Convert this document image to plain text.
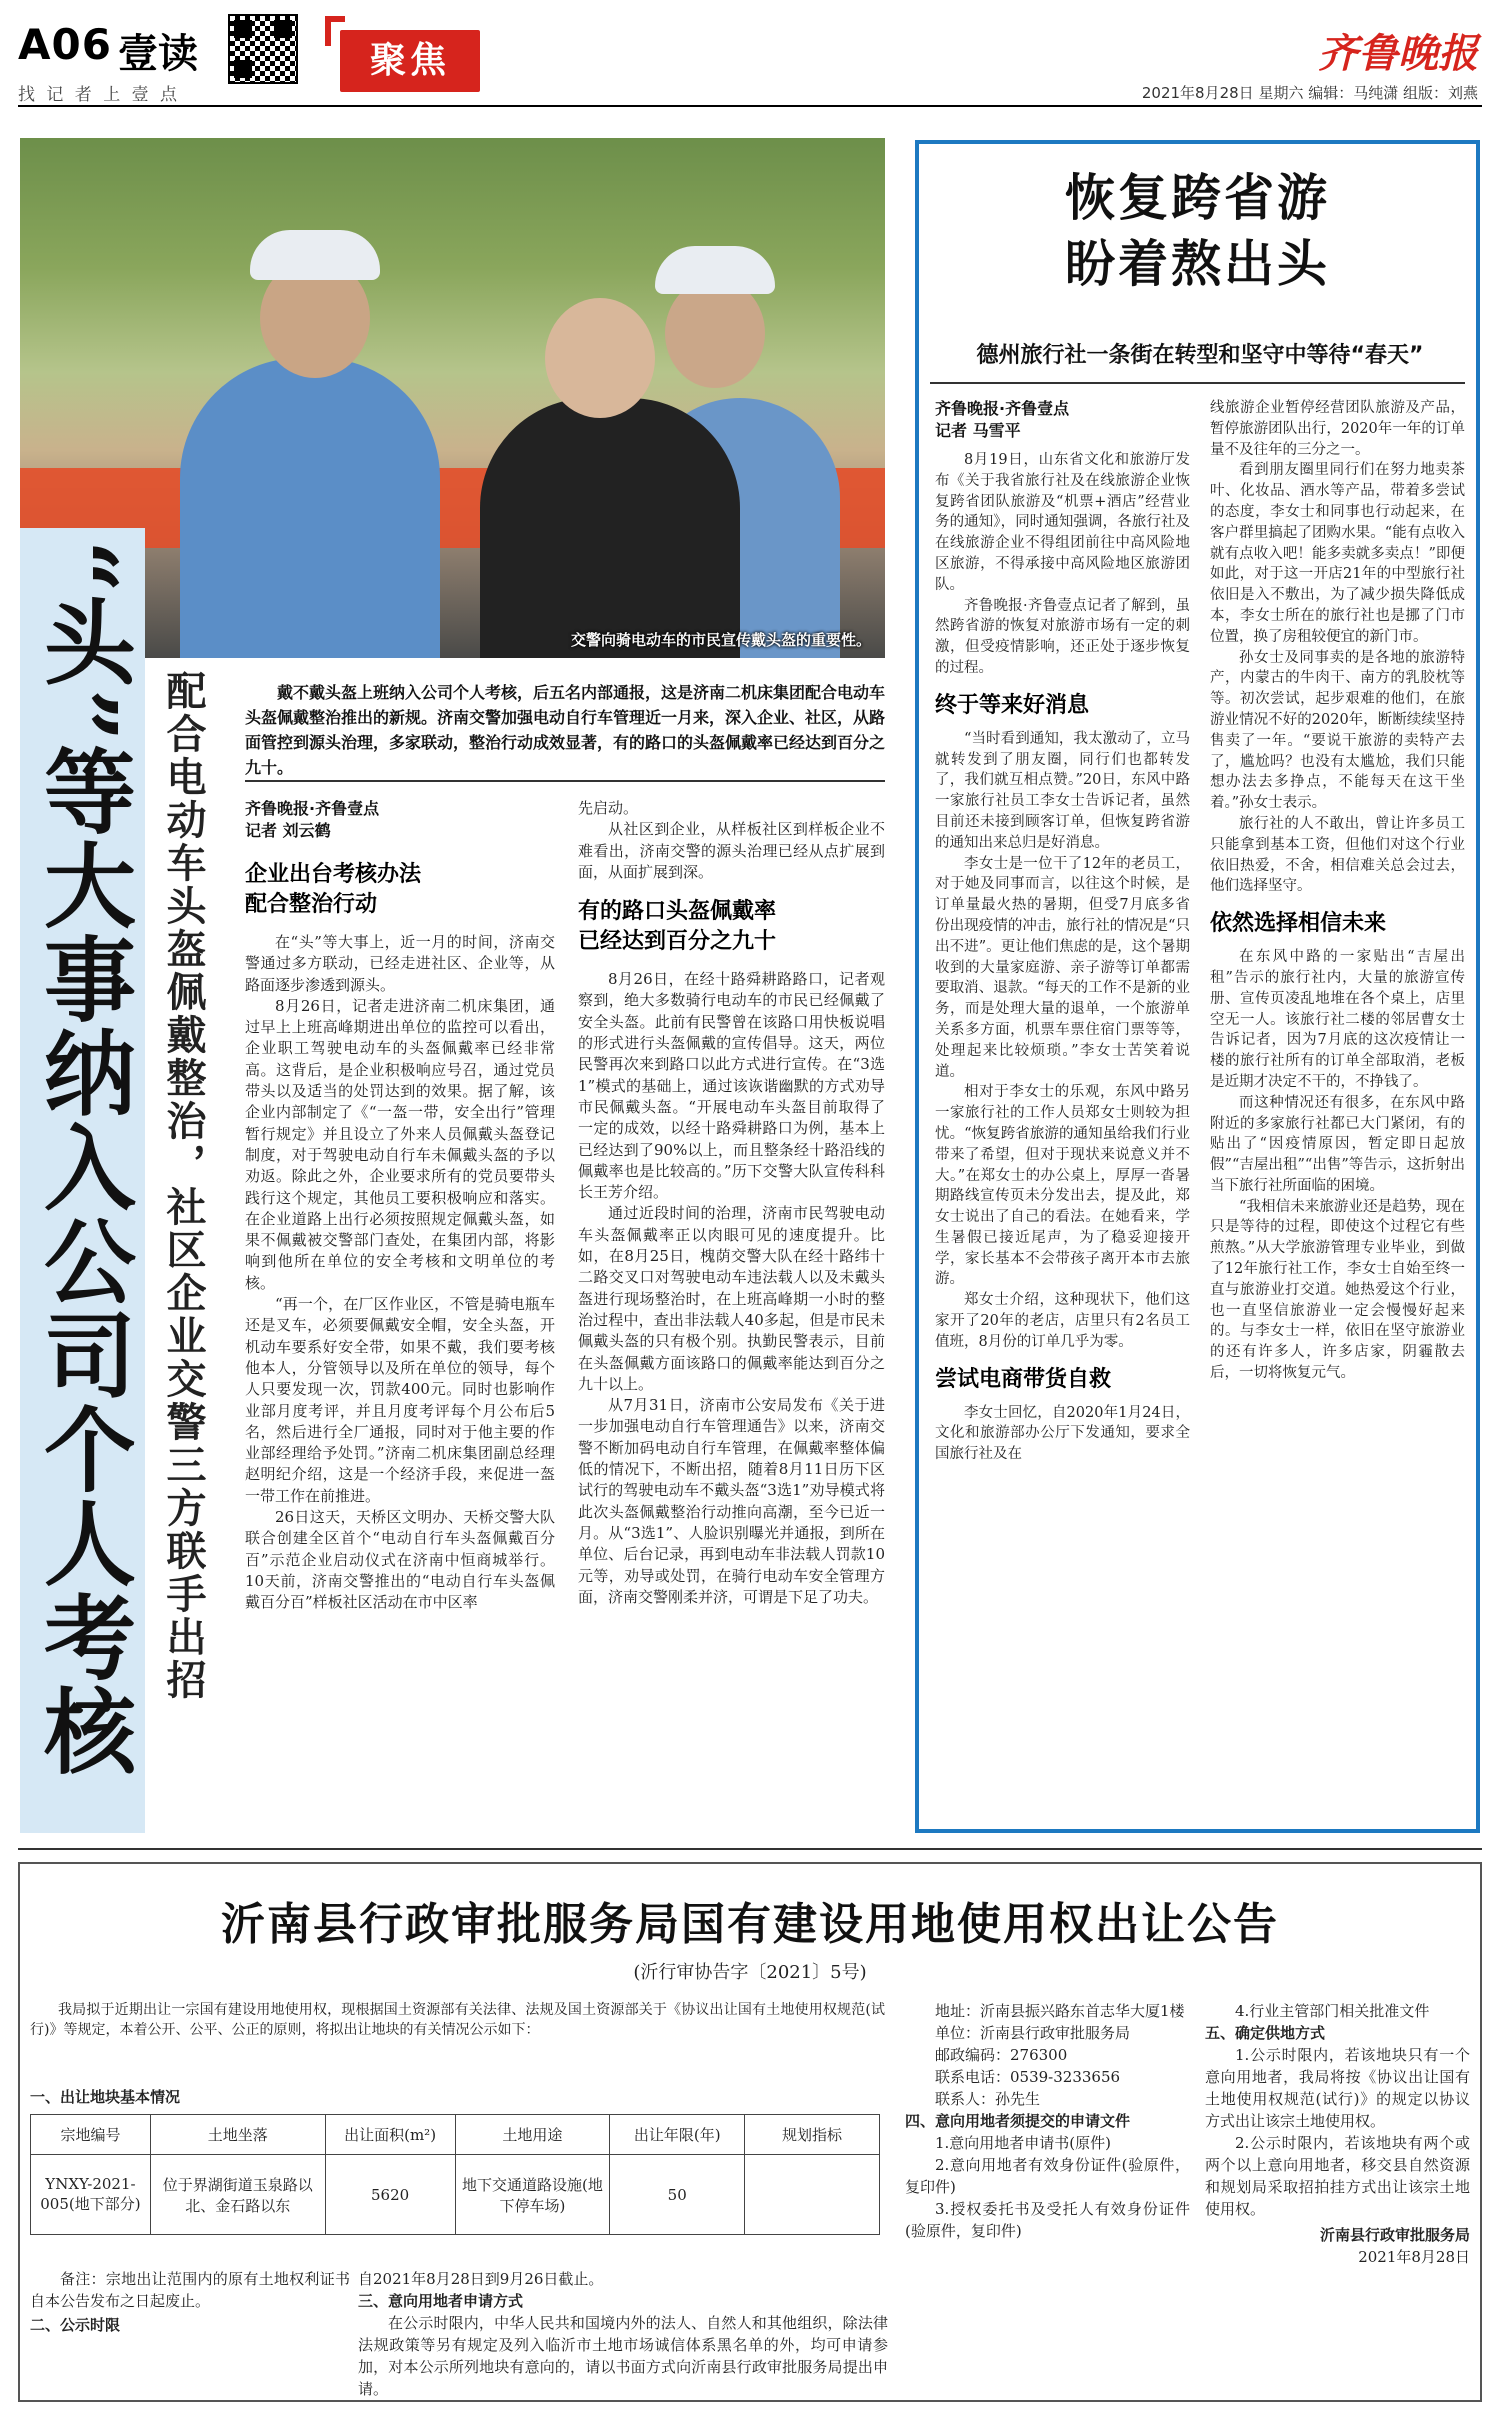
A06 壹读
找 记 者 上 壹 点
聚焦	齐鲁晚报
2021年8月28日 星期六 编辑：马纯潇 组版：刘燕
交警向骑电动车的市民宣传戴头盔的重要性。
“头”等大事纳入公司个人考核 配合电动车头盔佩戴整治，社区企业交警三方联手出招	戴不戴头盔上班纳入公司个人考核，后五名内部通报，这是济南二机床集团配合电动车头盔佩戴整治推出的新规。济南交警加强电动自行车管理近一月来，深入企业、社区，从路面管控到源头治理，多家联动，整治行动成效显著，有的路口的头盔佩戴率已经达到百分之九十。
齐鲁晚报·齐鲁壹点
记者 刘云鹤
企业出台考核办法
配合整治行动

在“头”等大事上，近一月的时间，济南交警通过多方联动，已经走进社区、企业等，从路面逐步渗透到源头。

8月26日，记者走进济南二机床集团，通过早上上班高峰期进出单位的监控可以看出，企业职工驾驶电动车的头盔佩戴率已经非常高。这背后，是企业积极响应号召，通过党员带头以及适当的处罚达到的效果。据了解，该企业内部制定了《“一盔一带，安全出行”管理暂行规定》并且设立了外来人员佩戴头盔登记制度，对于驾驶电动自行车未佩戴头盔的予以劝返。除此之外，企业要求所有的党员要带头践行这个规定，其他员工要积极响应和落实。在企业道路上出行必须按照规定佩戴头盔，如果不佩戴被交警部门查处，在集团内部，将影响到他所在单位的安全考核和文明单位的考核。

“再一个，在厂区作业区，不管是骑电瓶车还是叉车，必须要佩戴安全帽，安全头盔，开机动车要系好安全带，如果不戴，我们要考核他本人，分管领导以及所在单位的领导，每个人只要发现一次，罚款400元。同时也影响作业部月度考评，并且月度考评每个月公布后5名，然后进行全厂通报，同时对于他主要的作业部经理给予处罚。”济南二机床集团副总经理赵明纪介绍，这是一个经济手段，来促进一盔一带工作在前推进。

26日这天，天桥区文明办、天桥交警大队联合创建全区首个“电动自行车头盔佩戴百分百”示范企业启动仪式在济南中恒商城举行。10天前，济南交警推出的“电动自行车头盔佩戴百分百”样板社区活动在市中区率

先启动。

从社区到企业，从样板社区到样板企业不难看出，济南交警的源头治理已经从点扩展到面，从面扩展到深。

有的路口头盔佩戴率
已经达到百分之九十

8月26日，在经十路舜耕路路口，记者观察到，绝大多数骑行电动车的市民已经佩戴了安全头盔。此前有民警曾在该路口用快板说唱的形式进行头盔佩戴的宣传倡导。这天，两位民警再次来到路口以此方式进行宣传。在“3选1”模式的基础上，通过该诙谐幽默的方式劝导市民佩戴头盔。“开展电动车头盔目前取得了一定的成效，以经十路舜耕路口为例，基本上已经达到了90%以上，而且整条经十路沿线的佩戴率也是比较高的。”历下交警大队宣传科科长王芳介绍。

通过近段时间的治理，济南市民驾驶电动车头盔佩戴率正以肉眼可见的速度提升。比如，在8月25日，槐荫交警大队在经十路纬十二路交叉口对驾驶电动车违法载人以及未戴头盔进行现场整治时，在上班高峰期一小时的整治过程中，查出非法载人40多起，但是市民未佩戴头盔的只有极个别。执勤民警表示，目前在头盔佩戴方面该路口的佩戴率能达到百分之九十以上。

从7月31日，济南市公安局发布《关于进一步加强电动自行车管理通告》以来，济南交警不断加码电动自行车管理，在佩戴率整体偏低的情况下，不断出招，随着8月11日历下区试行的驾驶电动车不戴头盔“3选1”劝导模式将此次头盔佩戴整治行动推向高潮，至今已近一月。从“3选1”、人脸识别曝光并通报，到所在单位、后台记录，再到电动车非法载人罚款10元等，劝导或处罚，在骑行电动车安全管理方面，济南交警刚柔并济，可谓是下足了功夫。

恢复跨省游
盼着熬出头
德州旅行社一条街在转型和坚守中等待“春天”
齐鲁晚报·齐鲁壹点
记者 马雪平

8月19日，山东省文化和旅游厅发布《关于我省旅行社及在线旅游企业恢复跨省团队旅游及“机票+酒店”经营业务的通知》，同时通知强调，各旅行社及在线旅游企业不得组团前往中高风险地区旅游，不得承接中高风险地区旅游团队。

齐鲁晚报·齐鲁壹点记者了解到，虽然跨省游的恢复对旅游市场有一定的刺激，但受疫情影响，还正处于逐步恢复的过程。

终于等来好消息

“当时看到通知，我太激动了，立马就转发到了朋友圈，同行们也都转发了，我们就互相点赞。”20日，东风中路一家旅行社员工李女士告诉记者，虽然目前还未接到顾客订单，但恢复跨省游的通知出来总归是好消息。

李女士是一位干了12年的老员工，对于她及同事而言，以往这个时候，是订单量最火热的暑期，但受7月底多省份出现疫情的冲击，旅行社的情况是“只出不进”。更让他们焦虑的是，这个暑期收到的大量家庭游、亲子游等订单都需要取消、退款。“每天的工作不是新的业务，而是处理大量的退单，一个旅游单关系多方面，机票车票住宿门票等等，处理起来比较烦琐。”李女士苦笑着说道。

相对于李女士的乐观，东风中路另一家旅行社的工作人员郑女士则较为担忧。“恢复跨省旅游的通知虽给我们行业带来了希望，但对于现状来说意义并不大。”在郑女士的办公桌上，厚厚一沓暑期路线宣传页未分发出去，提及此，郑女士说出了自己的看法。在她看来，学生暑假已接近尾声，为了稳妥迎接开学，家长基本不会带孩子离开本市去旅游。

郑女士介绍，这种现状下，他们这家开了20年的老店，店里只有2名员工值班，8月份的订单几乎为零。

尝试电商带货自救

李女士回忆，自2020年1月24日，文化和旅游部办公厅下发通知，要求全国旅行社及在

线旅游企业暂停经营团队旅游及产品，暂停旅游团队出行，2020年一年的订单量不及往年的三分之一。

看到朋友圈里同行们在努力地卖茶叶、化妆品、酒水等产品，带着多尝试的态度，李女士和同事也行动起来，在客户群里搞起了团购水果。“能有点收入就有点收入吧！能多卖就多卖点！”即便如此，对于这一开店21年的中型旅行社依旧是入不敷出，为了减少损失降低成本，李女士所在的旅行社也是挪了门市位置，换了房租较便宜的新门市。

孙女士及同事卖的是各地的旅游特产，内蒙古的牛肉干、南方的乳胶枕等等。初次尝试，起步艰难的他们，在旅游业情况不好的2020年，断断续续坚持售卖了一年。“要说干旅游的卖特产去了，尴尬吗？也没有太尴尬，我们只能想办法去多挣点，不能每天在这干坐着。”孙女士表示。

旅行社的人不敢出，曾让许多员工只能拿到基本工资，但他们对这个行业依旧热爱，不舍，相信难关总会过去，他们选择坚守。

依然选择相信未来

在东风中路的一家贴出“吉屋出租”告示的旅行社内，大量的旅游宣传册、宣传页凌乱地堆在各个桌上，店里空无一人。该旅行社二楼的邻居曹女士告诉记者，因为7月底的这次疫情让一楼的旅行社所有的订单全部取消，老板是近期才决定不干的，不挣钱了。

而这种情况还有很多，在东风中路附近的多家旅行社都已大门紧闭，有的贴出了“因疫情原因，暂定即日起放假”“吉屋出租”“出售”等告示，这折射出当下旅行社所面临的困境。

“我相信未来旅游业还是趋势，现在只是等待的过程，即使这个过程它有些煎熬。”从大学旅游管理专业毕业，到做了12年旅行社工作，李女士自始至终一直与旅游业打交道。她热爱这个行业，也一直坚信旅游业一定会慢慢好起来的。与李女士一样，依旧在坚守旅游业的还有许多人，许多店家，阴霾散去后，一切将恢复元气。

沂南县行政审批服务局国有建设用地使用权出让公告
(沂行审协告字〔2021〕5号)

我局拟于近期出让一宗国有建设用地使用权，现根据国土资源部有关法律、法规及国土资源部关于《协议出让国有土地使用权规范(试行)》等规定，本着公开、公平、公正的原则，将拟出让地块的有关情况公示如下：

一、出让地块基本情况
宗地编号	土地坐落	出让面积(m²)	土地用途	出让年限(年)	规划指标
YNXY-2021-005(地下部分)	位于界湖街道玉泉路以北、金石路以东	5620	地下交通道路设施(地下停车场)	50	

备注：宗地出让范围内的原有土地权利证书自本公告发布之日起废止。

二、公示时限

自2021年8月28日到9月26日截止。

三、意向用地者申请方式

在公示时限内，中华人民共和国境内外的法人、自然人和其他组织，除法律法规政策等另有规定及列入临沂市土地市场诚信体系黑名单的外，均可申请参加，对本公示所列地块有意向的，请以书面方式向沂南县行政审批服务局提出申请。

地址：沂南县振兴路东首志华大厦1楼

单位：沂南县行政审批服务局

邮政编码：276300

联系电话：0539-3233656

联系人：孙先生

四、意向用地者须提交的申请文件

1.意向用地者申请书(原件)

2.意向用地者有效身份证件(验原件，复印件)

3.授权委托书及受托人有效身份证件(验原件，复印件)

4.行业主管部门相关批准文件

五、确定供地方式

1.公示时限内，若该地块只有一个意向用地者，我局将按《协议出让国有土地使用权规范(试行)》的规定以协议方式出让该宗土地使用权。

2.公示时限内，若该地块有两个或两个以上意向用地者，移交县自然资源和规划局采取招拍挂方式出让该宗土地使用权。

沂南县行政审批服务局
2021年8月28日
